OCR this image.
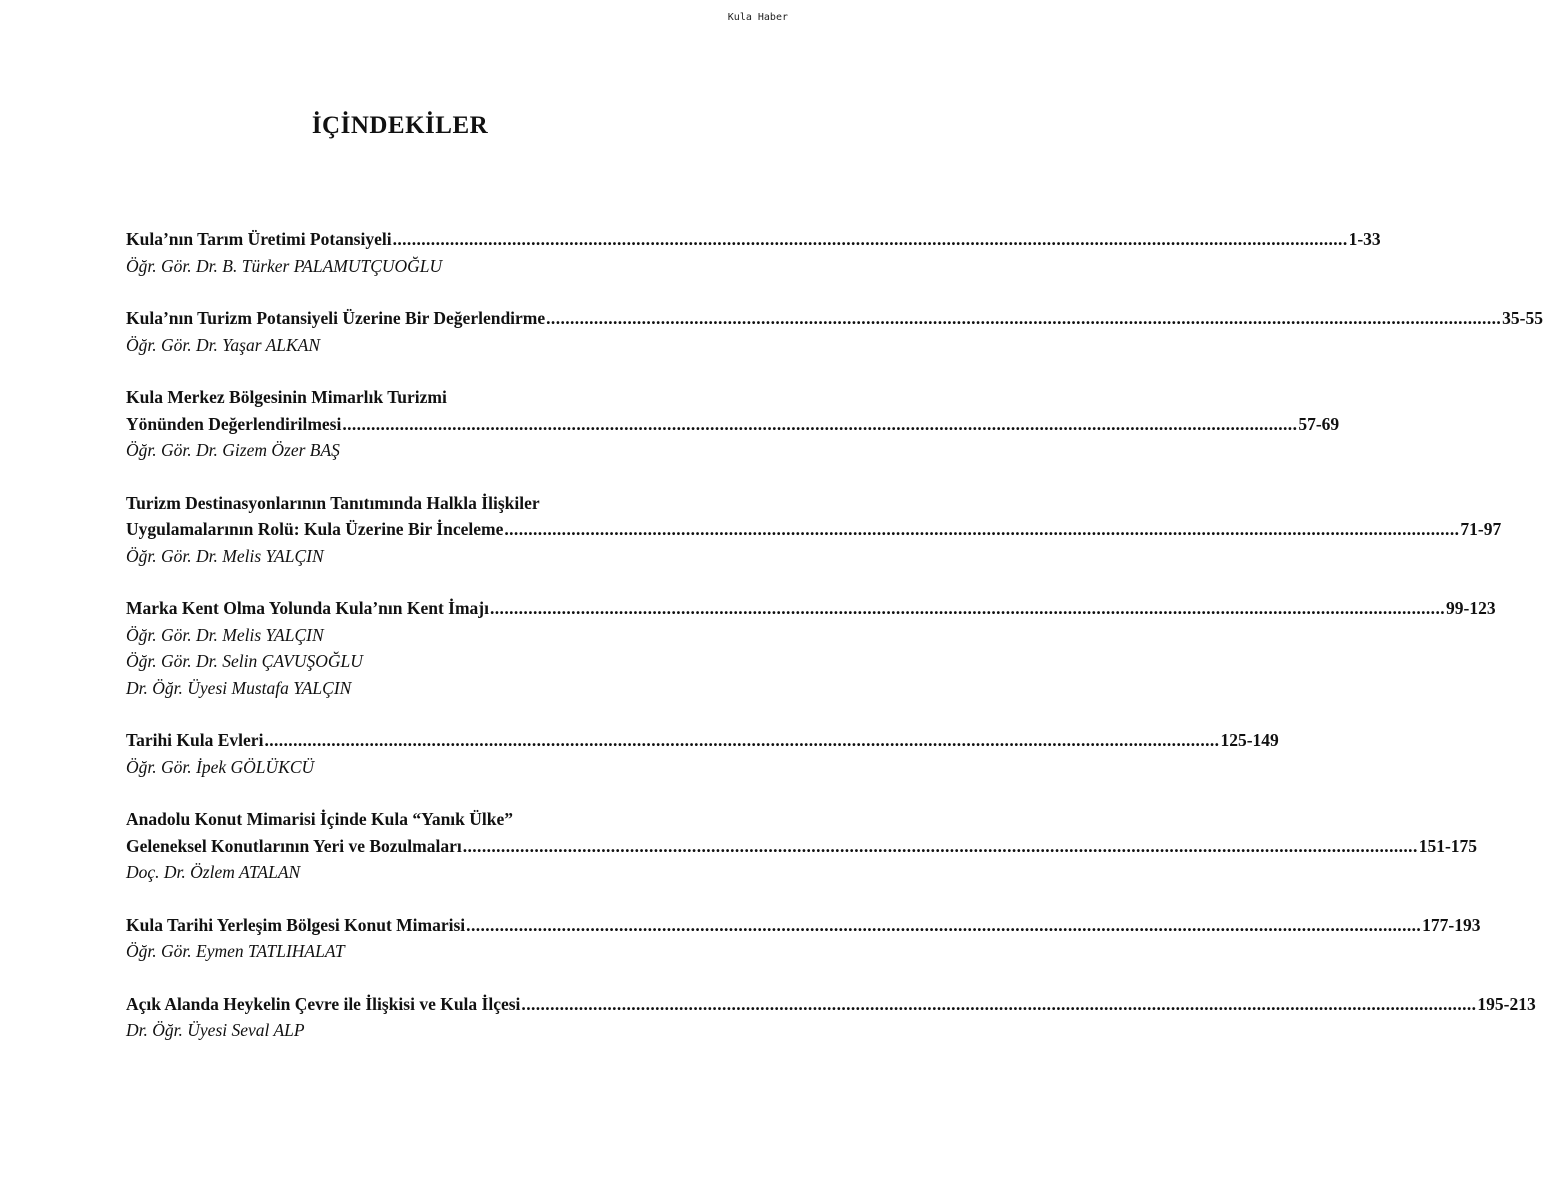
Kula Haber
İÇİNDEKİLER
Kula’nın Tarım Üretimi Potansiyeli ........................................................................................................................................................................................................ 1-33
Öğr. Gör. Dr. B. Türker PALAMUTÇUOĞLU
Kula’nın Turizm Potansiyeli Üzerine Bir Değerlendirme ........................................................................................................................................................................................................ 35-55
Öğr. Gör. Dr. Yaşar ALKAN
Kula Merkez Bölgesinin Mimarlık Turizmi
Yönünden Değerlendirilmesi ........................................................................................................................................................................................................ 57-69
Öğr. Gör. Dr. Gizem Özer BAŞ
Turizm Destinasyonlarının Tanıtımında Halkla İlişkiler
Uygulamalarının Rolü: Kula Üzerine Bir İnceleme ........................................................................................................................................................................................................ 71-97
Öğr. Gör. Dr. Melis YALÇIN
Marka Kent Olma Yolunda Kula’nın Kent İmajı ........................................................................................................................................................................................................ 99-123
Öğr. Gör. Dr. Melis YALÇIN
Öğr. Gör. Dr. Selin ÇAVUŞOĞLU
Dr. Öğr. Üyesi Mustafa YALÇIN
Tarihi Kula Evleri ........................................................................................................................................................................................................ 125-149
Öğr. Gör. İpek GÖLÜKCÜ
Anadolu Konut Mimarisi İçinde Kula “Yanık Ülke”
Geleneksel Konutlarının Yeri ve Bozulmaları ........................................................................................................................................................................................................ 151-175
Doç. Dr. Özlem ATALAN
Kula Tarihi Yerleşim Bölgesi Konut Mimarisi ........................................................................................................................................................................................................ 177-193
Öğr. Gör. Eymen TATLIHALAT
Açık Alanda Heykelin Çevre ile İlişkisi ve Kula İlçesi ........................................................................................................................................................................................................ 195-213
Dr. Öğr. Üyesi Seval ALP
